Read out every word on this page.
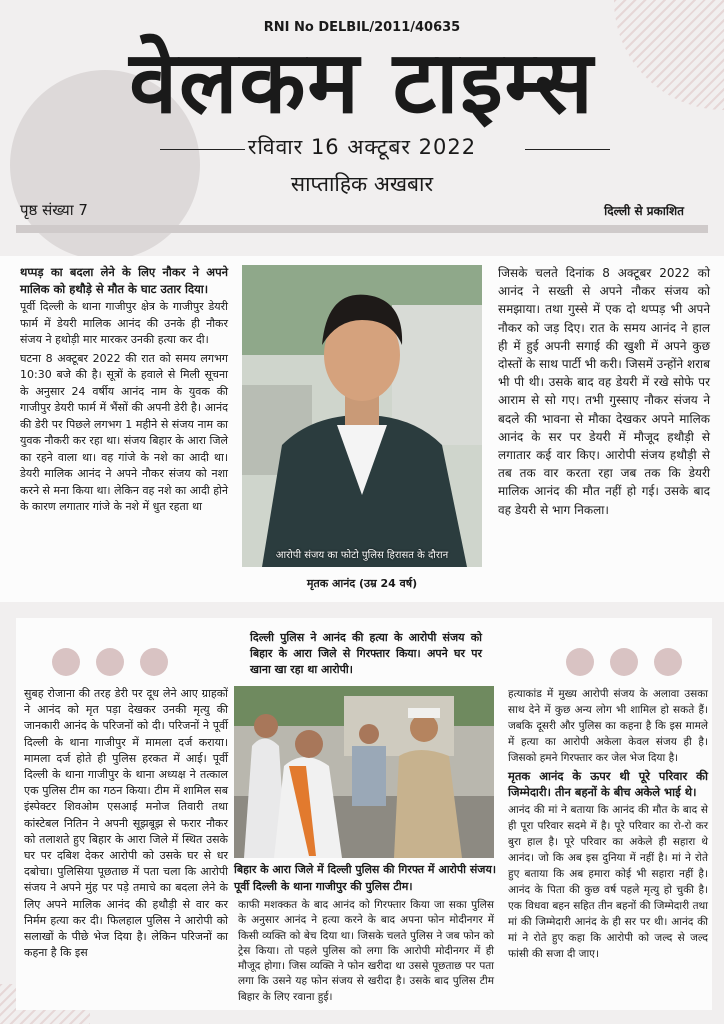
RNI No DELBIL/2011/40635
वेलकम टाइम्स
रविवार 16 अक्टूबर 2022
साप्ताहिक अखबार
पृष्ठ संख्या 7	दिल्ली से प्रकाशित

थप्पड़ का बदला लेने के लिए नौकर ने अपने मालिक को हथौड़े से मौत के घाट उतार दिया।

पूर्वी दिल्ली के थाना गाजीपुर क्षेत्र के गाजीपुर डेयरी फार्म में डेयरी मालिक आनंद की उनके ही नौकर संजय ने हथोड़ी मार मारकर उनकी हत्या कर दी।

घटना 8 अक्टूबर 2022 की रात को समय लगभग 10:30 बजे की है। सूत्रों के हवाले से मिली सूचना के अनुसार 24 वर्षीय आनंद नाम के युवक की गाजीपुर डेयरी फार्म में भैंसों की अपनी डेरी है। आनंद की डेरी पर पिछले लगभग 1 महीने से संजय नाम का युवक नौकरी कर रहा था। संजय बिहार के आरा जिले का रहने वाला था। वह गांजे के नशे का आदी था। डेयरी मालिक आनंद ने अपने नौकर संजय को नशा करने से मना किया था। लेकिन वह नशे का आदी होने के कारण लगातार गांजे के नशे में धुत रहता था

आरोपी संजय का फोटो पुलिस हिरासत के दौरान
मृतक आनंद (उम्र 24 वर्ष)

जिसके चलते दिनांक 8 अक्टूबर 2022 को आनंद ने सख्ती से अपने नौकर संजय को समझाया। तथा गुस्से में एक दो थप्पड़ भी अपने नौकर को जड़ दिए। रात के समय आनंद ने हाल ही में हुई अपनी सगाई की खुशी में अपने कुछ दोस्तों के साथ पार्टी भी करी। जिसमें उन्होंने शराब भी पी थी। उसके बाद वह डेयरी में रखे सोफे पर आराम से सो गए। तभी गुस्साए नौकर संजय ने बदले की भावना से मौका देखकर अपने मालिक आनंद के सर पर डेयरी में मौजूद हथौड़ी से लगातार कई वार किए। आरोपी संजय हथौड़ी से तब तक वार करता रहा जब तक कि डेयरी मालिक आनंद की मौत नहीं हो गई। उसके बाद वह डेयरी से भाग निकला।

दिल्ली पुलिस ने आनंद की हत्या के आरोपी संजय को बिहार के आरा जिले से गिरफ्तार किया। अपने घर पर खाना खा रहा था आरोपी।

सुबह रोजाना की तरह डेरी पर दूध लेने आए ग्राहकों ने आनंद को मृत पड़ा देखकर उनकी मृत्यु की जानकारी आनंद के परिजनों को दी। परिजनों ने पूर्वी दिल्ली के थाना गाजीपुर में मामला दर्ज कराया। मामला दर्ज होते ही पुलिस हरकत में आई। पूर्वी दिल्ली के थाना गाजीपुर के थाना अध्यक्ष ने तत्काल एक पुलिस टीम का गठन किया। टीम में शामिल सब इंस्पेक्टर शिवओम एसआई मनोज तिवारी तथा कांस्टेबल नितिन ने अपनी सूझबूझ से फरार नौकर को तलाशते हुए बिहार के आरा जिले में स्थित उसके घर पर दबिश देकर आरोपी को उसके घर से धर दबोचा। पुलिसिया पूछताछ में पता चला कि आरोपी संजय ने अपने मुंह पर पड़े तमाचे का बदला लेने के लिए अपने मालिक आनंद की हथौड़ी से वार कर निर्मम हत्या कर दी। फिलहाल पुलिस ने आरोपी को सलाखों के पीछे भेज दिया है। लेकिन परिजनों का कहना है कि इस

बिहार के आरा जिले में दिल्ली पुलिस की गिरफ्त में आरोपी संजय। पूर्वी दिल्ली के थाना गाजीपुर की पुलिस टीम।

काफी मशक्कत के बाद आनंद को गिरफ्तार किया जा सका पुलिस के अनुसार आनंद ने हत्या करने के बाद अपना फोन मोदीनगर में किसी व्यक्ति को बेच दिया था। जिसके चलते पुलिस ने जब फोन को ट्रेस किया। तो पहले पुलिस को लगा कि आरोपी मोदीनगर में ही मौजूद होगा। जिस व्यक्ति ने फोन खरीदा था उससे पूछताछ पर पता लगा कि उसने यह फोन संजय से खरीदा है। उसके बाद पुलिस टीम बिहार के लिए रवाना हुई।

हत्याकांड में मुख्य आरोपी संजय के अलावा उसका साथ देने में कुछ अन्य लोग भी शामिल हो सकते हैं। जबकि दूसरी और पुलिस का कहना है कि इस मामले में हत्या का आरोपी अकेला केवल संजय ही है। जिसको हमने गिरफ्तार कर जेल भेज दिया है।

मृतक आनंद के ऊपर थी पूरे परिवार की जिम्मेदारी। तीन बहनों के बीच अकेले भाई थे।

आनंद की मां ने बताया कि आनंद की मौत के बाद से ही पूरा परिवार सदमे में है। पूरे परिवार का रो-रो कर बुरा हाल है। पूरे परिवार का अकेले ही सहारा थे आनंद। जो कि अब इस दुनिया में नहीं है। मां ने रोते हुए बताया कि अब हमारा कोई भी सहारा नहीं है। आनंद के पिता की कुछ वर्ष पहले मृत्यु हो चुकी है। एक विधवा बहन सहित तीन बहनों की जिम्मेदारी तथा मां की जिम्मेदारी आनंद के ही सर पर थी। आनंद की मां ने रोते हुए कहा कि आरोपी को जल्द से जल्द फांसी की सजा दी जाए।
